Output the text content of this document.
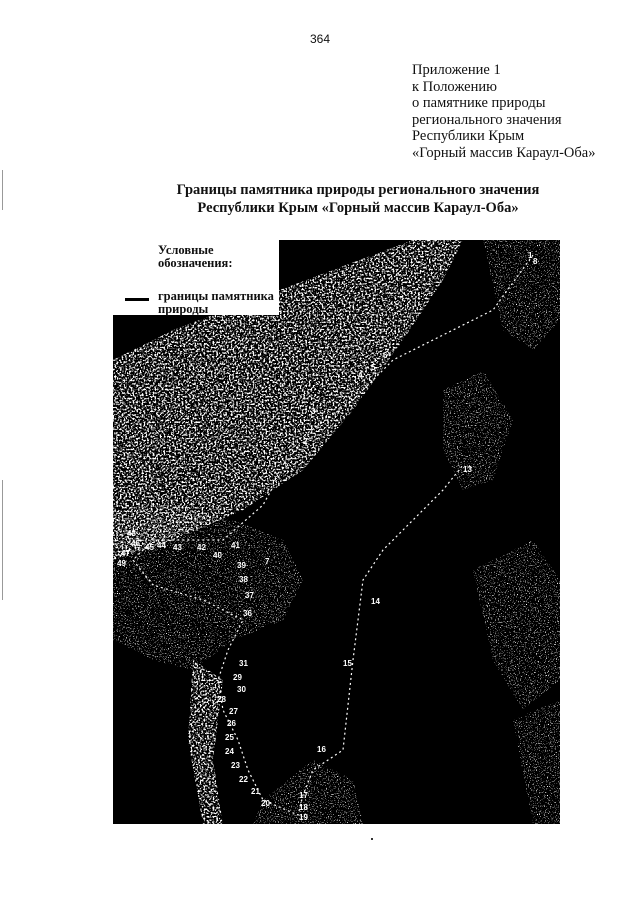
364
Приложение 1
к Положению
о памятнике природы
регионального значения
Республики Крым
«Горный массив Караул-Оба»
Границы памятника природы регионального значения
Республики Крым «Горный массив Караул-Оба»
Условные обозначения:
границы памятника природы
1
2
3
4
5
6
7
8
13
14
15
16
17
18
19
20
21
22
23
24
25
26
27
28
29
30
31
36
37
38
39
40
41
42
43
44
45
46
47
48
49
